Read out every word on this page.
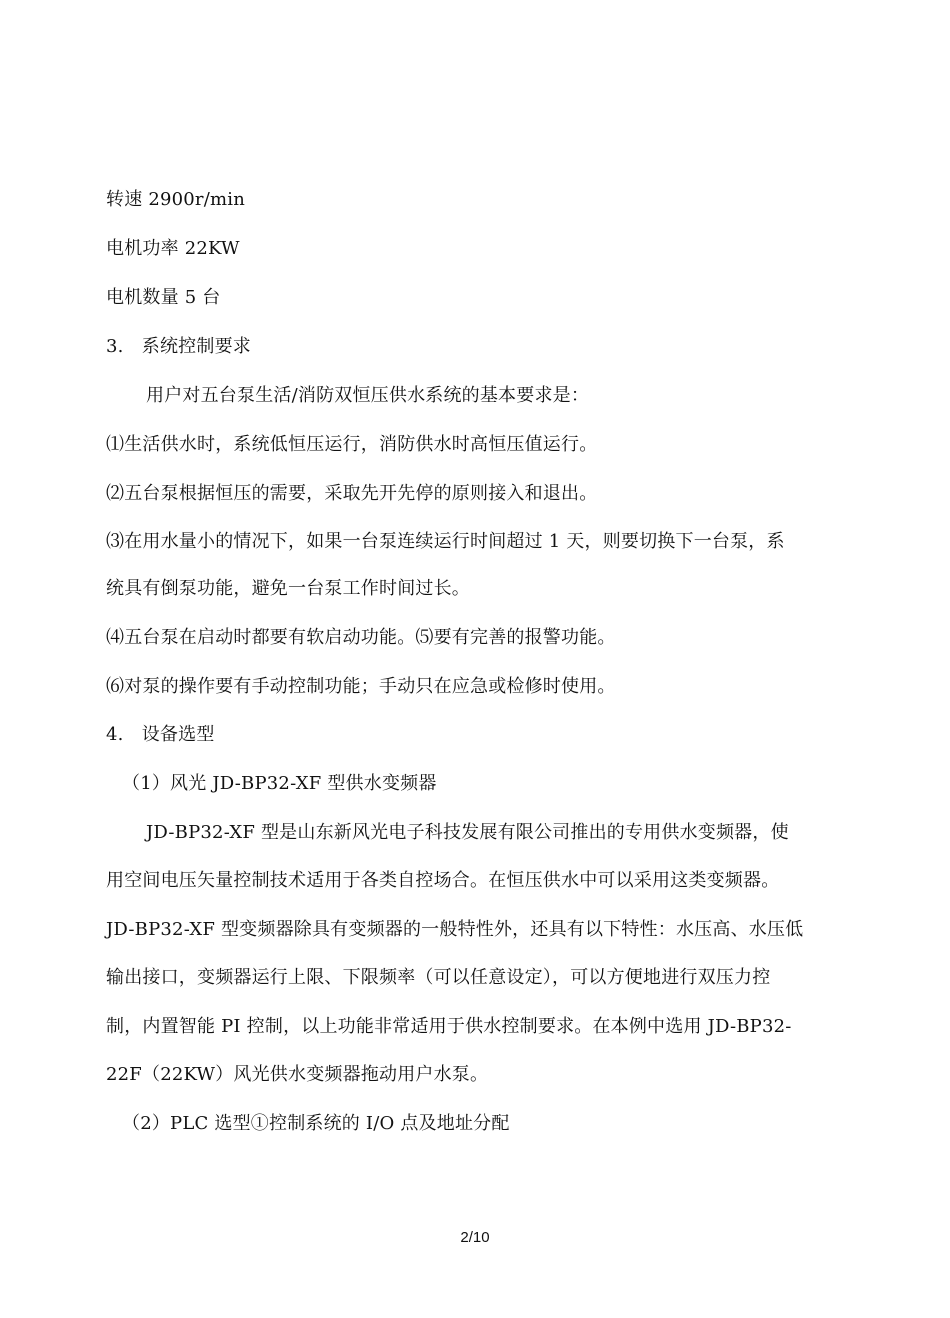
转速 2900r/min
电机功率 22KW
电机数量 5 台
3.　系统控制要求
用户对五台泵生活/消防双恒压供水系统的基本要求是：
⑴生活供水时，系统低恒压运行，消防供水时高恒压值运行。
⑵五台泵根据恒压的需要，采取先开先停的原则接入和退出。
⑶在用水量小的情况下，如果一台泵连续运行时间超过 1 天，则要切换下一台泵，系
统具有倒泵功能，避免一台泵工作时间过长。
⑷五台泵在启动时都要有软启动功能。⑸要有完善的报警功能。
⑹对泵的操作要有手动控制功能；手动只在应急或检修时使用。
4.　设备选型
（1）风光 JD-BP32-XF 型供水变频器
JD-BP32-XF 型是山东新风光电子科技发展有限公司推出的专用供水变频器，使
用空间电压矢量控制技术适用于各类自控场合。在恒压供水中可以采用这类变频器。
JD-BP32-XF 型变频器除具有变频器的一般特性外，还具有以下特性：水压高、水压低
输出接口，变频器运行上限、下限频率（可以任意设定），可以方便地进行双压力控
制，内置智能 PI 控制，以上功能非常适用于供水控制要求。在本例中选用 JD-BP32-
22F（22KW）风光供水变频器拖动用户水泵。
（2）PLC 选型①控制系统的 I/O 点及地址分配
2/10
